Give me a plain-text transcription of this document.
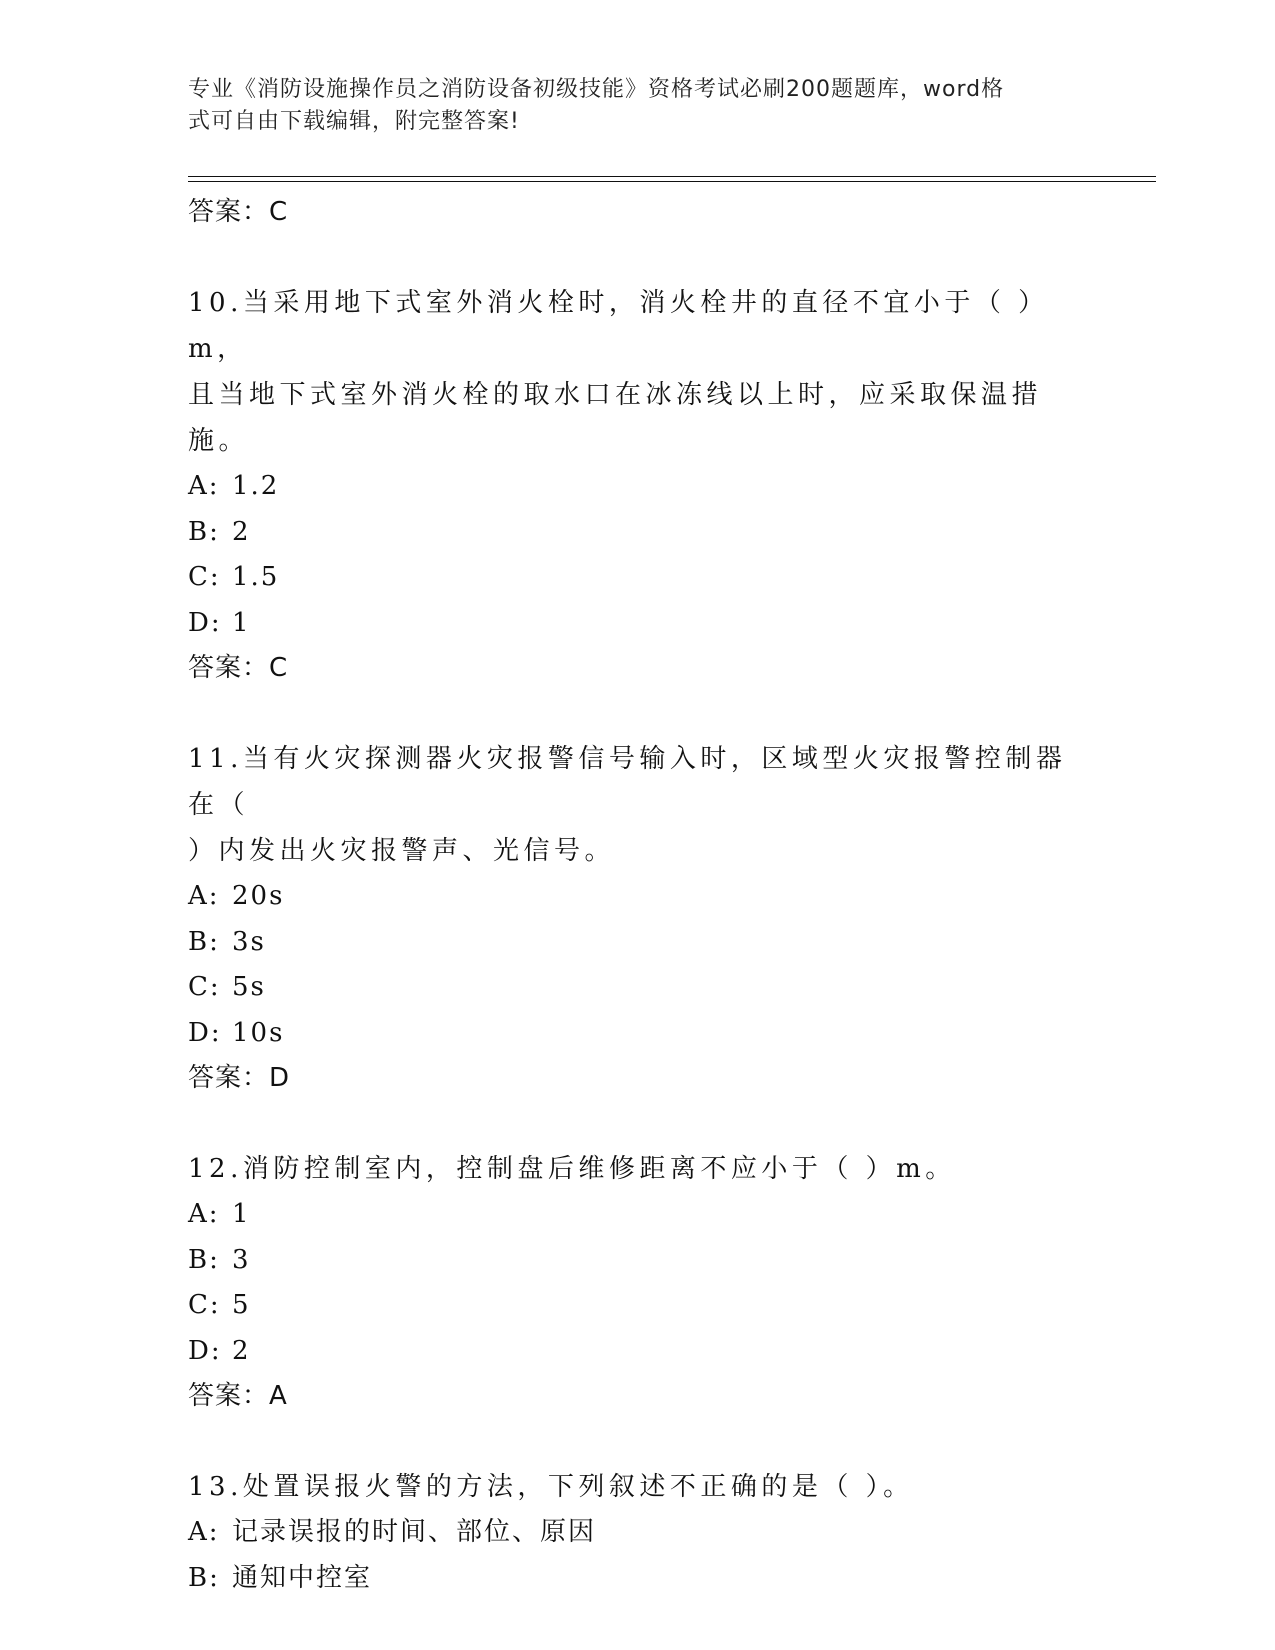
专业《消防设施操作员之消防设备初级技能》资格考试必刷200题题库，word格
式可自由下载编辑，附完整答案!
答案：C

10.当采用地下式室外消火栓时，消火栓井的直径不宜小于（ ）m，

且当地下式室外消火栓的取水口在冰冻线以上时，应采取保温措施。

A: 1.2
B: 2
C: 1.5
D: 1
答案：C

11.当有火灾探测器火灾报警信号输入时，区域型火灾报警控制器在（

）内发出火灾报警声、光信号。

A: 20s
B: 3s
C: 5s
D: 10s
答案：D

12.消防控制室内，控制盘后维修距离不应小于（ ）m。

A: 1
B: 3
C: 5
D: 2
答案：A

13.处置误报火警的方法，下列叙述不正确的是（ ）。

A: 记录误报的时间、部位、原因
B: 通知中控室
